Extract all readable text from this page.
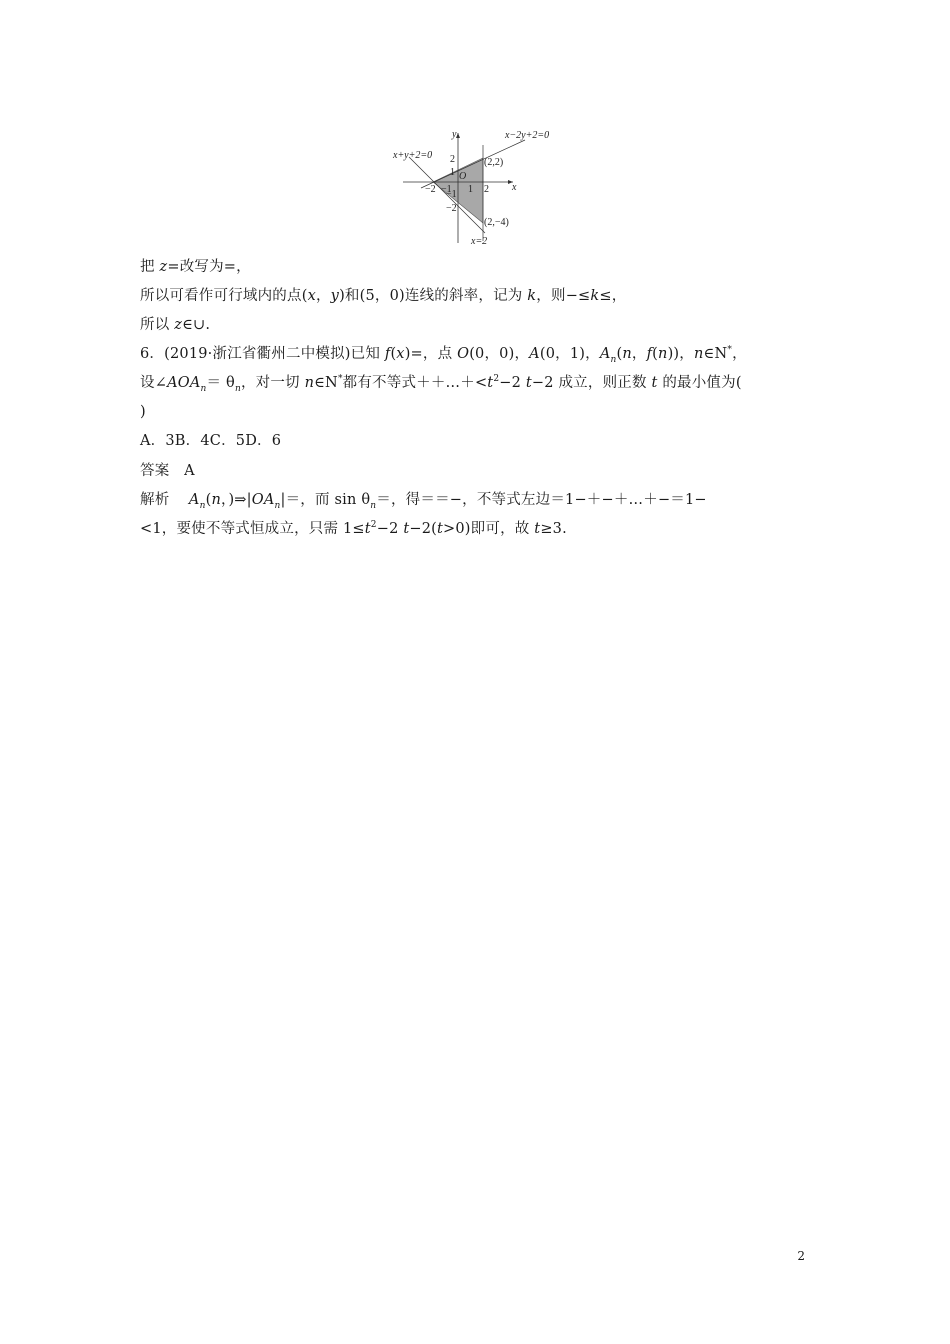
y
x
x−2y+2=0
x+y+2=0
x=2
(2,2)
(2,−4)
O
2
1
−2 −1 1 2
−1
−2
把 z=改写为=，
所以可看作可行域内的点(x，y)和(5，0)连线的斜率，记为 k，则−≤k≤，
所以 z∈∪.
6．(2019·浙江省衢州二中模拟)已知 f(x)=，点 O(0，0)，A(0，1)，$A_n(n$，f(n))，n∈N*，
设$\angle AOA_n= \theta_n$，对一切 n∈N*都有不等式$++\dots+<t^2-2$ t−2 成立，则正数 t 的最小值为(
)
A．3B．4C．5D．6
答案　A
解析　 $A_n(n$，)$\Rightarrow|OA_n|=$，而 $\sin \theta_n=$，得＝＝−，不等式左边＝1−＋−＋…＋−＝1−
<1，要使不等式恒成立，只需 $1\le t^2-2$ t−2(t>0)即可，故 t≥3.
2
